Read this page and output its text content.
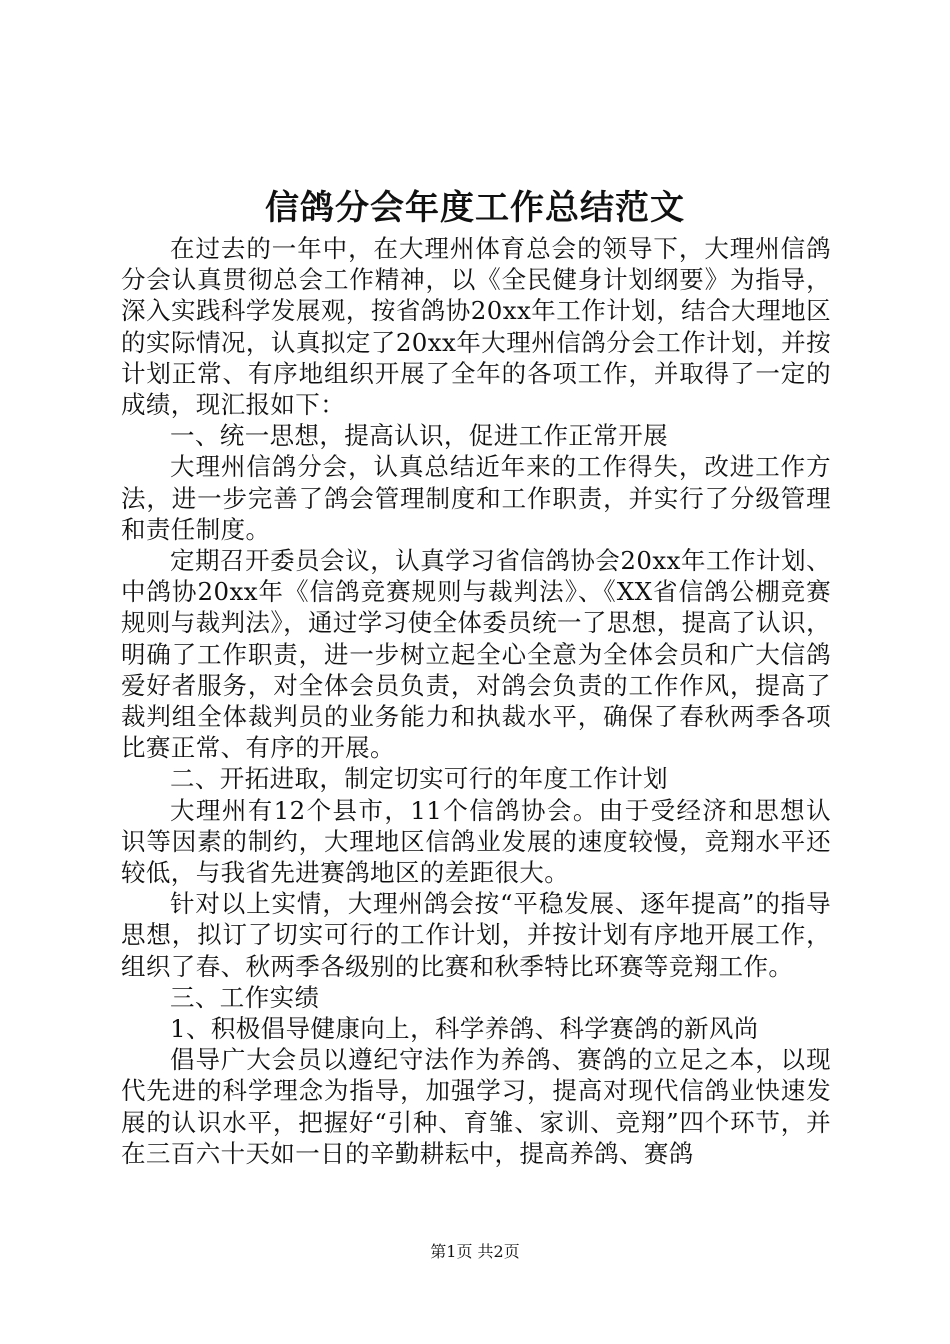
信鸽分会年度工作总结范文

在过去的一年中，在大理州体育总会的领导下，大理州信鸽分会认真贯彻总会工作精神，以《全民健身计划纲要》为指导，深入实践科学发展观，按省鸽协20xx年工作计划，结合大理地区的实际情况，认真拟定了20xx年大理州信鸽分会工作计划，并按计划正常、有序地组织开展了全年的各项工作，并取得了一定的成绩，现汇报如下：

一、统一思想，提高认识，促进工作正常开展

大理州信鸽分会，认真总结近年来的工作得失，改进工作方法，进一步完善了鸽会管理制度和工作职责，并实行了分级管理和责任制度。

定期召开委员会议，认真学习省信鸽协会20xx年工作计划、中鸽协20xx年《信鸽竞赛规则与裁判法》、《XX省信鸽公棚竞赛规则与裁判法》，通过学习使全体委员统一了思想，提高了认识，明确了工作职责，进一步树立起全心全意为全体会员和广大信鸽爱好者服务，对全体会员负责，对鸽会负责的工作作风，提高了裁判组全体裁判员的业务能力和执裁水平，确保了春秋两季各项比赛正常、有序的开展。

二、开拓进取，制定切实可行的年度工作计划

大理州有12个县市，11个信鸽协会。由于受经济和思想认识等因素的制约，大理地区信鸽业发展的速度较慢，竞翔水平还较低，与我省先进赛鸽地区的差距很大。

针对以上实情，大理州鸽会按“平稳发展、逐年提高”的指导思想，拟订了切实可行的工作计划，并按计划有序地开展工作，组织了春、秋两季各级别的比赛和秋季特比环赛等竞翔工作。

三、工作实绩

1、积极倡导健康向上，科学养鸽、科学赛鸽的新风尚

倡导广大会员以遵纪守法作为养鸽、赛鸽的立足之本，以现代先进的科学理念为指导，加强学习，提高对现代信鸽业快速发展的认识水平，把握好“引种、育雏、家训、竞翔”四个环节，并在三百六十天如一日的辛勤耕耘中，提高养鸽、赛鸽

第1页 共2页
